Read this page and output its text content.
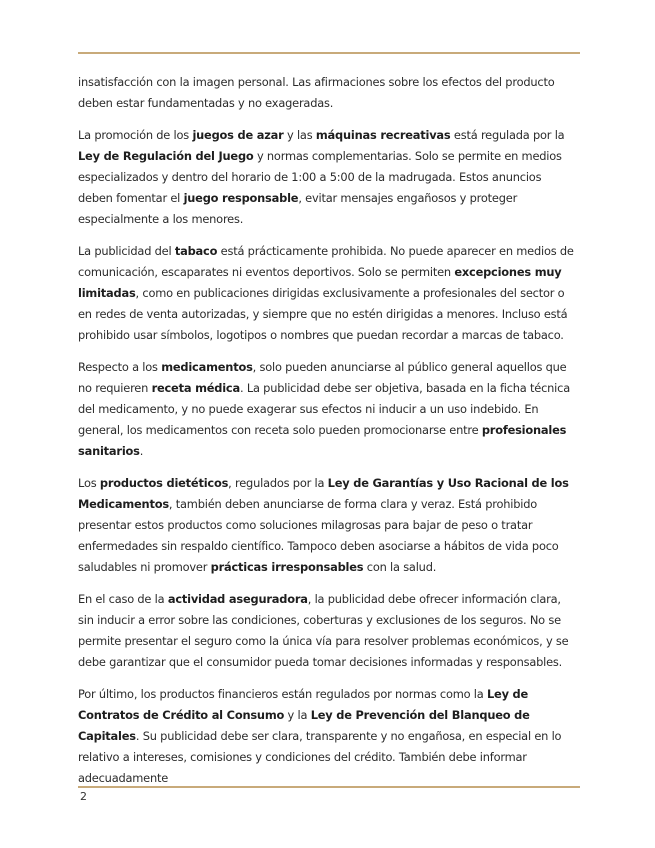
insatisfacción con la imagen personal. Las afirmaciones sobre los efectos del producto deben estar fundamentadas y no exageradas.

La promoción de los juegos de azar y las máquinas recreativas está regulada por la Ley de Regulación del Juego y normas complementarias. Solo se permite en medios especializados y dentro del horario de 1:00 a 5:00 de la madrugada. Estos anuncios deben fomentar el juego responsable, evitar mensajes engañosos y proteger especialmente a los menores.

La publicidad del tabaco está prácticamente prohibida. No puede aparecer en medios de comunicación, escaparates ni eventos deportivos. Solo se permiten excepciones muy limitadas, como en publicaciones dirigidas exclusivamente a profesionales del sector o en redes de venta autorizadas, y siempre que no estén dirigidas a menores. Incluso está prohibido usar símbolos, logotipos o nombres que puedan recordar a marcas de tabaco.

Respecto a los medicamentos, solo pueden anunciarse al público general aquellos que no requieren receta médica. La publicidad debe ser objetiva, basada en la ficha técnica del medicamento, y no puede exagerar sus efectos ni inducir a un uso indebido. En general, los medicamentos con receta solo pueden promocionarse entre profesionales sanitarios.

Los productos dietéticos, regulados por la Ley de Garantías y Uso Racional de los Medicamentos, también deben anunciarse de forma clara y veraz. Está prohibido presentar estos productos como soluciones milagrosas para bajar de peso o tratar enfermedades sin respaldo científico. Tampoco deben asociarse a hábitos de vida poco saludables ni promover prácticas irresponsables con la salud.

En el caso de la actividad aseguradora, la publicidad debe ofrecer información clara, sin inducir a error sobre las condiciones, coberturas y exclusiones de los seguros. No se permite presentar el seguro como la única vía para resolver problemas económicos, y se debe garantizar que el consumidor pueda tomar decisiones informadas y responsables.

Por último, los productos financieros están regulados por normas como la Ley de Contratos de Crédito al Consumo y la Ley de Prevención del Blanqueo de Capitales. Su publicidad debe ser clara, transparente y no engañosa, en especial en lo relativo a intereses, comisiones y condiciones del crédito. También debe informar adecuadamente

2
